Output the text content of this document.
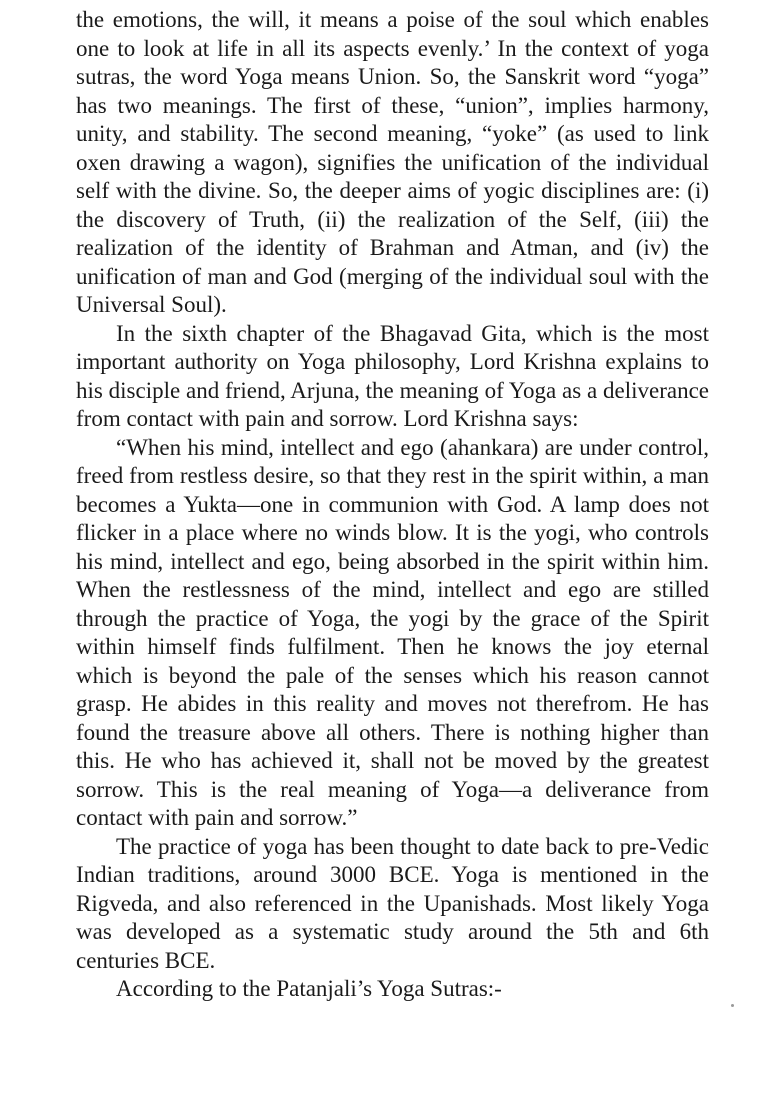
the emotions, the will, it means a poise of the soul which enables one to look at life in all its aspects evenly.’ In the context of yoga sutras, the word Yoga means Union. So, the Sanskrit word “yoga” has two meanings. The first of these, “union”, implies harmony, unity, and stability. The second meaning, “yoke” (as used to link oxen drawing a wagon), signifies the unification of the individual self with the divine. So, the deeper aims of yogic disciplines are: (i) the discovery of Truth, (ii) the realization of the Self, (iii) the realization of the identity of Brahman and Atman, and (iv) the unification of man and God (merging of the individual soul with the Universal Soul).

In the sixth chapter of the Bhagavad Gita, which is the most important authority on Yoga philosophy, Lord Krishna explains to his disciple and friend, Arjuna, the meaning of Yoga as a deliverance from contact with pain and sorrow. Lord Krishna says:

“When his mind, intellect and ego (ahankara) are under control, freed from restless desire, so that they rest in the spirit within, a man becomes a Yukta—one in communion with God. A lamp does not flicker in a place where no winds blow. It is the yogi, who controls his mind, intellect and ego, being absorbed in the spirit within him. When the restlessness of the mind, intellect and ego are stilled through the practice of Yoga, the yogi by the grace of the Spirit within himself finds fulfilment. Then he knows the joy eternal which is beyond the pale of the senses which his reason cannot grasp. He abides in this reality and moves not therefrom. He has found the treasure above all others. There is nothing higher than this. He who has achieved it, shall not be moved by the greatest sorrow. This is the real meaning of Yoga—a deliverance from contact with pain and sorrow.”

The practice of yoga has been thought to date back to pre-Vedic Indian traditions, around 3000 BCE. Yoga is mentioned in the Rigveda, and also referenced in the Upanishads. Most likely Yoga was developed as a systematic study around the 5th and 6th centuries BCE.

According to the Patanjali’s Yoga Sutras:-
